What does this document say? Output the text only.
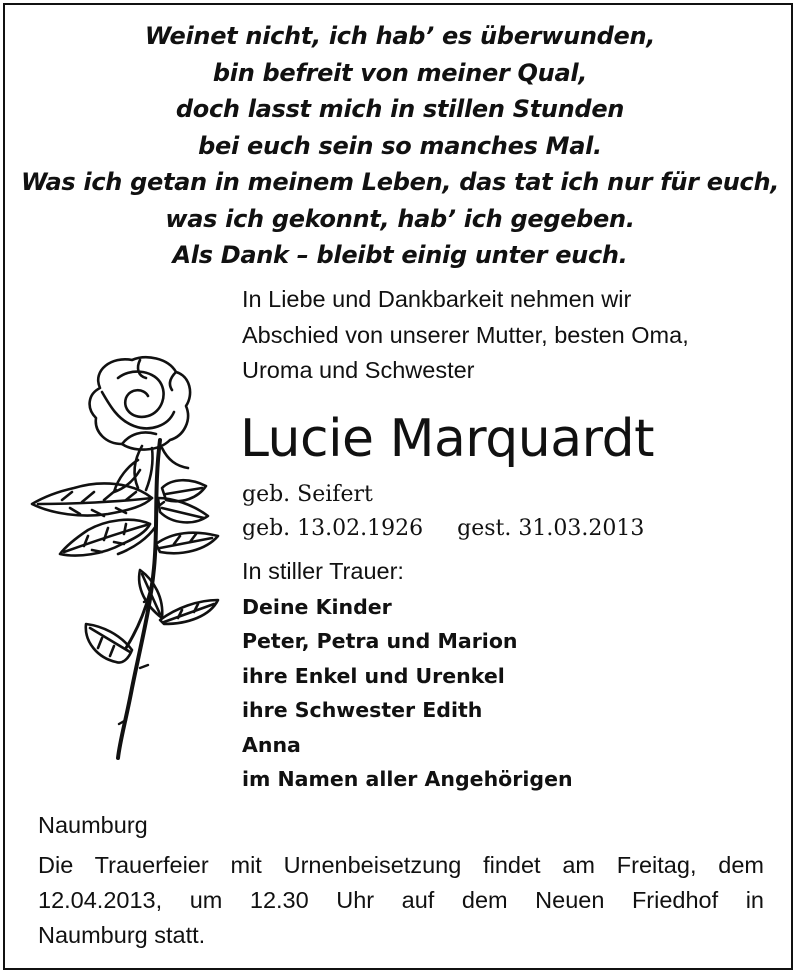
Weinet nicht, ich hab’ es überwunden,
bin befreit von meiner Qual,
doch lasst mich in stillen Stunden
bei euch sein so manches Mal.
Was ich getan in meinem Leben, das tat ich nur für euch,
was ich gekonnt, hab’ ich gegeben.
Als Dank – bleibt einig unter euch.
In Liebe und Dankbarkeit nehmen wir
Abschied von unserer Mutter, besten Oma,
Uroma und Schwester
Lucie Marquardt
geb. Seifert
geb. 13.02.1926 gest. 31.03.2013
In stiller Trauer:
Deine Kinder
Peter, Petra und Marion
ihre Enkel und Urenkel
ihre Schwester Edith
Anna
im Namen aller Angehörigen
Naumburg
Die Trauerfeier mit Urnenbeisetzung findet am Freitag, dem
12.04.2013, um 12.30 Uhr auf dem Neuen Friedhof in
Naumburg statt.
